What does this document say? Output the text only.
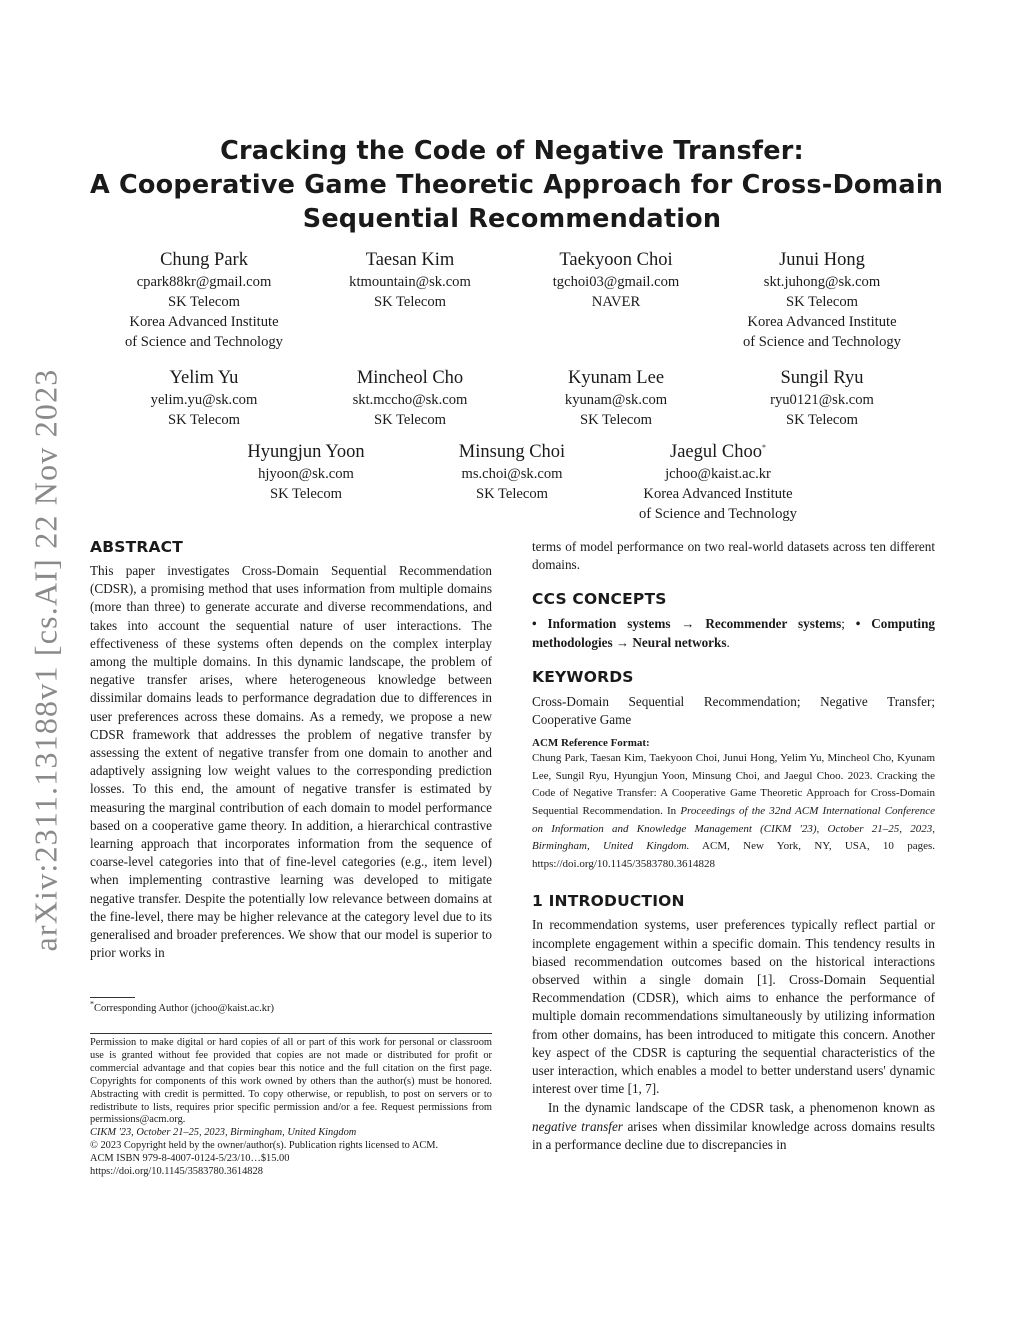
arXiv:2311.13188v1 [cs.AI] 22 Nov 2023
Cracking the Code of Negative Transfer:
A Cooperative Game Theoretic Approach for Cross-Domain
Sequential Recommendation
Chung Park
cpark88kr@gmail.com
SK Telecom
Korea Advanced Institute
of Science and Technology
Taesan Kim
ktmountain@sk.com
SK Telecom
Taekyoon Choi
tgchoi03@gmail.com
NAVER
Junui Hong
skt.juhong@sk.com
SK Telecom
Korea Advanced Institute
of Science and Technology
Yelim Yu
yelim.yu@sk.com
SK Telecom
Mincheol Cho
skt.mccho@sk.com
SK Telecom
Kyunam Lee
kyunam@sk.com
SK Telecom
Sungil Ryu
ryu0121@sk.com
SK Telecom
Hyungjun Yoon
hjyoon@sk.com
SK Telecom
Minsung Choi
ms.choi@sk.com
SK Telecom
Jaegul Choo*
jchoo@kaist.ac.kr
Korea Advanced Institute
of Science and Technology
ABSTRACT

This paper investigates Cross-Domain Sequential Recommendation (CDSR), a promising method that uses information from multiple domains (more than three) to generate accurate and diverse recommendations, and takes into account the sequential nature of user interactions. The effectiveness of these systems often depends on the complex interplay among the multiple domains. In this dynamic landscape, the problem of negative transfer arises, where heterogeneous knowledge between dissimilar domains leads to performance degradation due to differences in user preferences across these domains. As a remedy, we propose a new CDSR framework that addresses the problem of negative transfer by assessing the extent of negative transfer from one domain to another and adaptively assigning low weight values to the corresponding prediction losses. To this end, the amount of negative transfer is estimated by measuring the marginal contribution of each domain to model performance based on a cooperative game theory. In addition, a hierarchical contrastive learning approach that incorporates information from the sequence of coarse-level categories into that of fine-level categories (e.g., item level) when implementing contrastive learning was developed to mitigate negative transfer. Despite the potentially low relevance between domains at the fine-level, there may be higher relevance at the category level due to its generalised and broader preferences. We show that our model is superior to prior works in

*Corresponding Author (jchoo@kaist.ac.kr)

Permission to make digital or hard copies of all or part of this work for personal or classroom use is granted without fee provided that copies are not made or distributed for profit or commercial advantage and that copies bear this notice and the full citation on the first page. Copyrights for components of this work owned by others than the author(s) must be honored. Abstracting with credit is permitted. To copy otherwise, or republish, to post on servers or to redistribute to lists, requires prior specific permission and/or a fee. Request permissions from permissions@acm.org.

CIKM '23, October 21–25, 2023, Birmingham, United Kingdom

© 2023 Copyright held by the owner/author(s). Publication rights licensed to ACM.

ACM ISBN 979-8-4007-0124-5/23/10…$15.00

https://doi.org/10.1145/3583780.3614828

terms of model performance on two real-world datasets across ten different domains.

CCS CONCEPTS

• Information systems → Recommender systems; • Computing methodologies → Neural networks.

KEYWORDS

Cross-Domain Sequential Recommendation; Negative Transfer; Cooperative Game

ACM Reference Format:

Chung Park, Taesan Kim, Taekyoon Choi, Junui Hong, Yelim Yu, Mincheol Cho, Kyunam Lee, Sungil Ryu, Hyungjun Yoon, Minsung Choi, and Jaegul Choo. 2023. Cracking the Code of Negative Transfer: A Cooperative Game Theoretic Approach for Cross-Domain Sequential Recommendation. In Proceedings of the 32nd ACM International Conference on Information and Knowledge Management (CIKM '23), October 21–25, 2023, Birmingham, United Kingdom. ACM, New York, NY, USA, 10 pages. https://doi.org/10.1145/3583780.3614828

1 INTRODUCTION

In recommendation systems, user preferences typically reflect partial or incomplete engagement within a specific domain. This tendency results in biased recommendation outcomes based on the historical interactions observed within a single domain [1]. Cross-Domain Sequential Recommendation (CDSR), which aims to enhance the performance of multiple domain recommendations simultaneously by utilizing information from other domains, has been introduced to mitigate this concern. Another key aspect of the CDSR is capturing the sequential characteristics of the user interaction, which enables a model to better understand users' dynamic interest over time [1, 7].

In the dynamic landscape of the CDSR task, a phenomenon known as negative transfer arises when dissimilar knowledge across domains results in a performance decline due to discrepancies in
